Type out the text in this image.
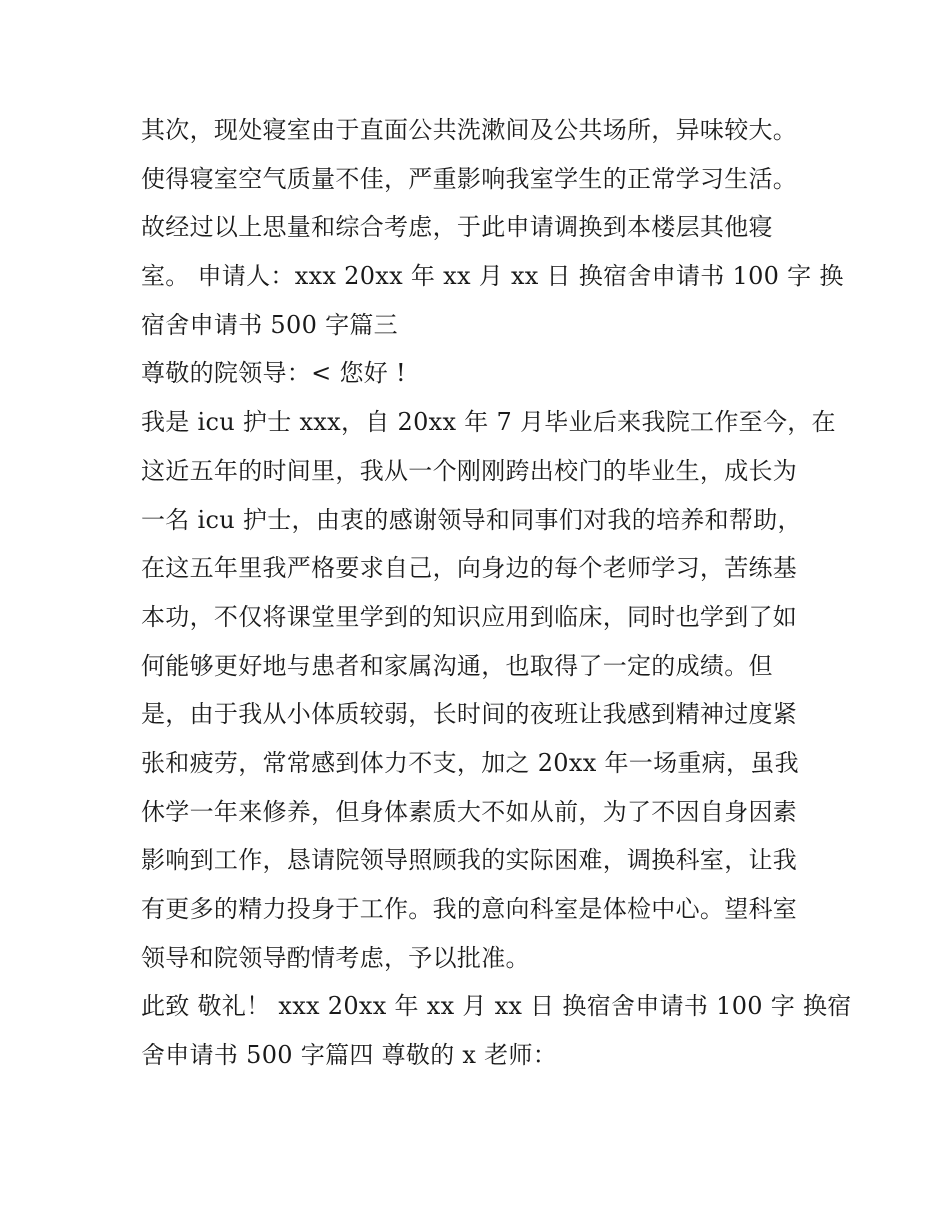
其次，现处寝室由于直面公共洗漱间及公共场所，异味较大。
使得寝室空气质量不佳，严重影响我室学生的正常学习生活。
故经过以上思量和综合考虑，于此申请调换到本楼层其他寝
室。 申请人：xxx 20xx 年 xx 月 xx 日 换宿舍申请书 100 字 换
宿舍申请书 500 字篇三
尊敬的院领导：< 您好 !
我是 icu 护士 xxx，自 20xx 年 7 月毕业后来我院工作至今，在
这近五年的时间里，我从一个刚刚跨出校门的毕业生，成长为
一名 icu 护士，由衷的感谢领导和同事们对我的培养和帮助，
在这五年里我严格要求自己，向身边的每个老师学习，苦练基
本功，不仅将课堂里学到的知识应用到临床，同时也学到了如
何能够更好地与患者和家属沟通，也取得了一定的成绩。但
是，由于我从小体质较弱，长时间的夜班让我感到精神过度紧
张和疲劳，常常感到体力不支，加之 20xx 年一场重病，虽我
休学一年来修养，但身体素质大不如从前，为了不因自身因素
影响到工作，恳请院领导照顾我的实际困难，调换科室，让我
有更多的精力投身于工作。我的意向科室是体检中心。望科室
领导和院领导酌情考虑，予以批准。
此致 敬礼！ xxx 20xx 年 xx 月 xx 日 换宿舍申请书 100 字 换宿
舍申请书 500 字篇四 尊敬的 x 老师：
